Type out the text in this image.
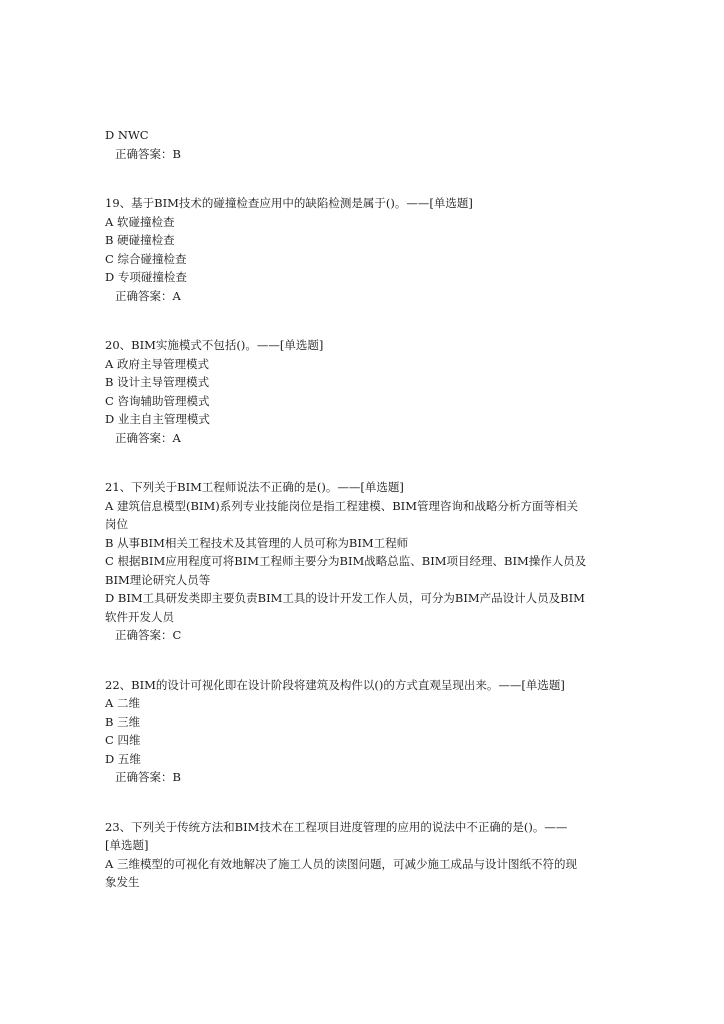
D NWC

正确答案：B

19、基于BIM技术的碰撞检查应用中的缺陷检测是属于()。——[单选题]

A 软碰撞检查

B 硬碰撞检查

C 综合碰撞检查

D 专项碰撞检查

正确答案：A

20、BIM实施模式不包括()。——[单选题]

A 政府主导管理模式

B 设计主导管理模式

C 咨询辅助管理模式

D 业主自主管理模式

正确答案：A

21、下列关于BIM工程师说法不正确的是()。——[单选题]

A 建筑信息模型(BIM)系列专业技能岗位是指工程建模、BIM管理咨询和战略分析方面等相关

岗位

B 从事BIM相关工程技术及其管理的人员可称为BIM工程师

C 根据BIM应用程度可将BIM工程师主要分为BIM战略总监、BIM项目经理、BIM操作人员及

BIM理论研究人员等

D BIM工具研发类即主要负责BIM工具的设计开发工作人员，可分为BIM产品设计人员及BIM

软件开发人员

正确答案：C

22、BIM的设计可视化即在设计阶段将建筑及构件以()的方式直观呈现出来。——[单选题]

A 二维

B 三维

C 四维

D 五维

正确答案：B

23、下列关于传统方法和BIM技术在工程项目进度管理的应用的说法中不正确的是()。——

[单选题]

A 三维模型的可视化有效地解决了施工人员的读图问题，可减少施工成品与设计图纸不符的现

象发生
